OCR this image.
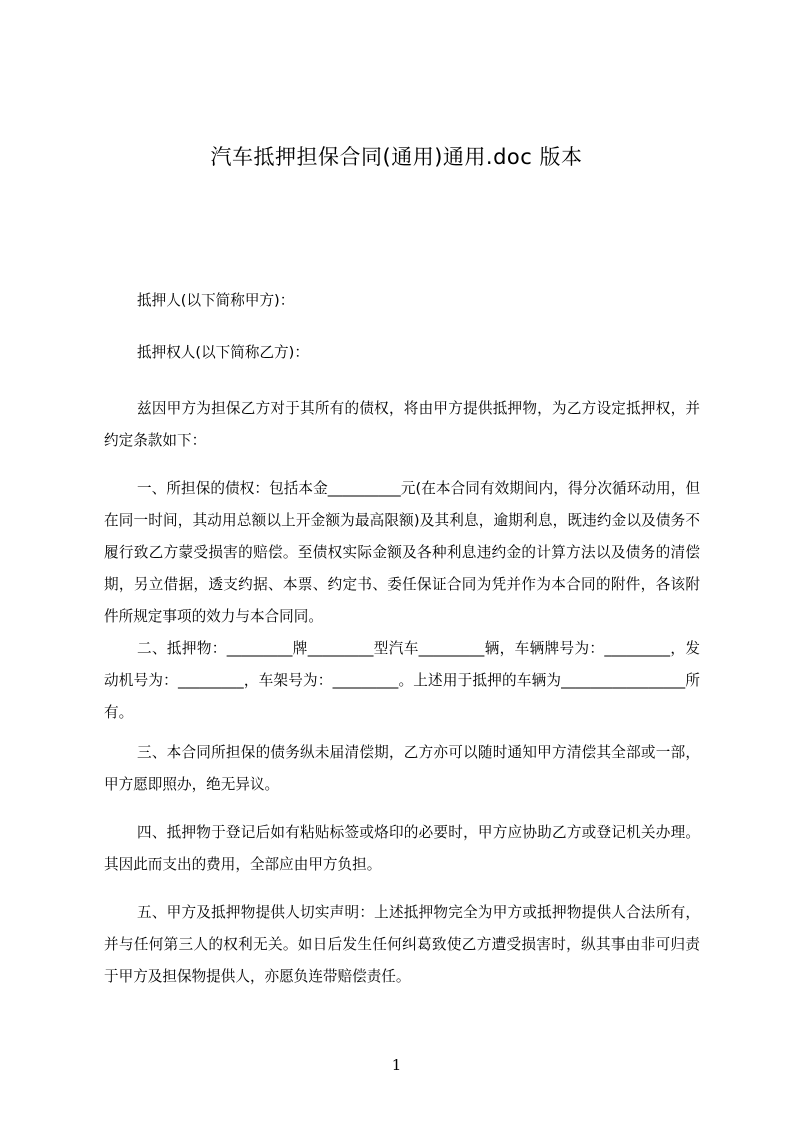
汽车抵押担保合同(通用)通用.doc 版本

抵押人(以下简称甲方)：

抵押权人(以下简称乙方)：

兹因甲方为担保乙方对于其所有的债权，将由甲方提供抵押物，为乙方设定抵押权，并约定条款如下：

一、所担保的债权：包括本金__________元(在本合同有效期间内，得分次循环动用，但在同一时间，其动用总额以上开金额为最高限额)及其利息，逾期利息，既违约金以及债务不履行致乙方蒙受损害的赔偿。至债权实际金额及各种利息违约金的计算方法以及债务的清偿期，另立借据，透支约据、本票、约定书、委任保证合同为凭并作为本合同的附件，各该附件所规定事项的效力与本合同同。

二、抵押物：_________牌_________型汽车_________辆，车辆牌号为：_________，发动机号为：_________，车架号为：_________。上述用于抵押的车辆为_________________所有。

三、本合同所担保的债务纵未届清偿期，乙方亦可以随时通知甲方清偿其全部或一部，甲方愿即照办，绝无异议。

四、抵押物于登记后如有粘贴标签或烙印的必要时，甲方应协助乙方或登记机关办理。其因此而支出的费用，全部应由甲方负担。

五、甲方及抵押物提供人切实声明：上述抵押物完全为甲方或抵押物提供人合法所有，并与任何第三人的权利无关。如日后发生任何纠葛致使乙方遭受损害时，纵其事由非可归责于甲方及担保物提供人，亦愿负连带赔偿责任。

1
